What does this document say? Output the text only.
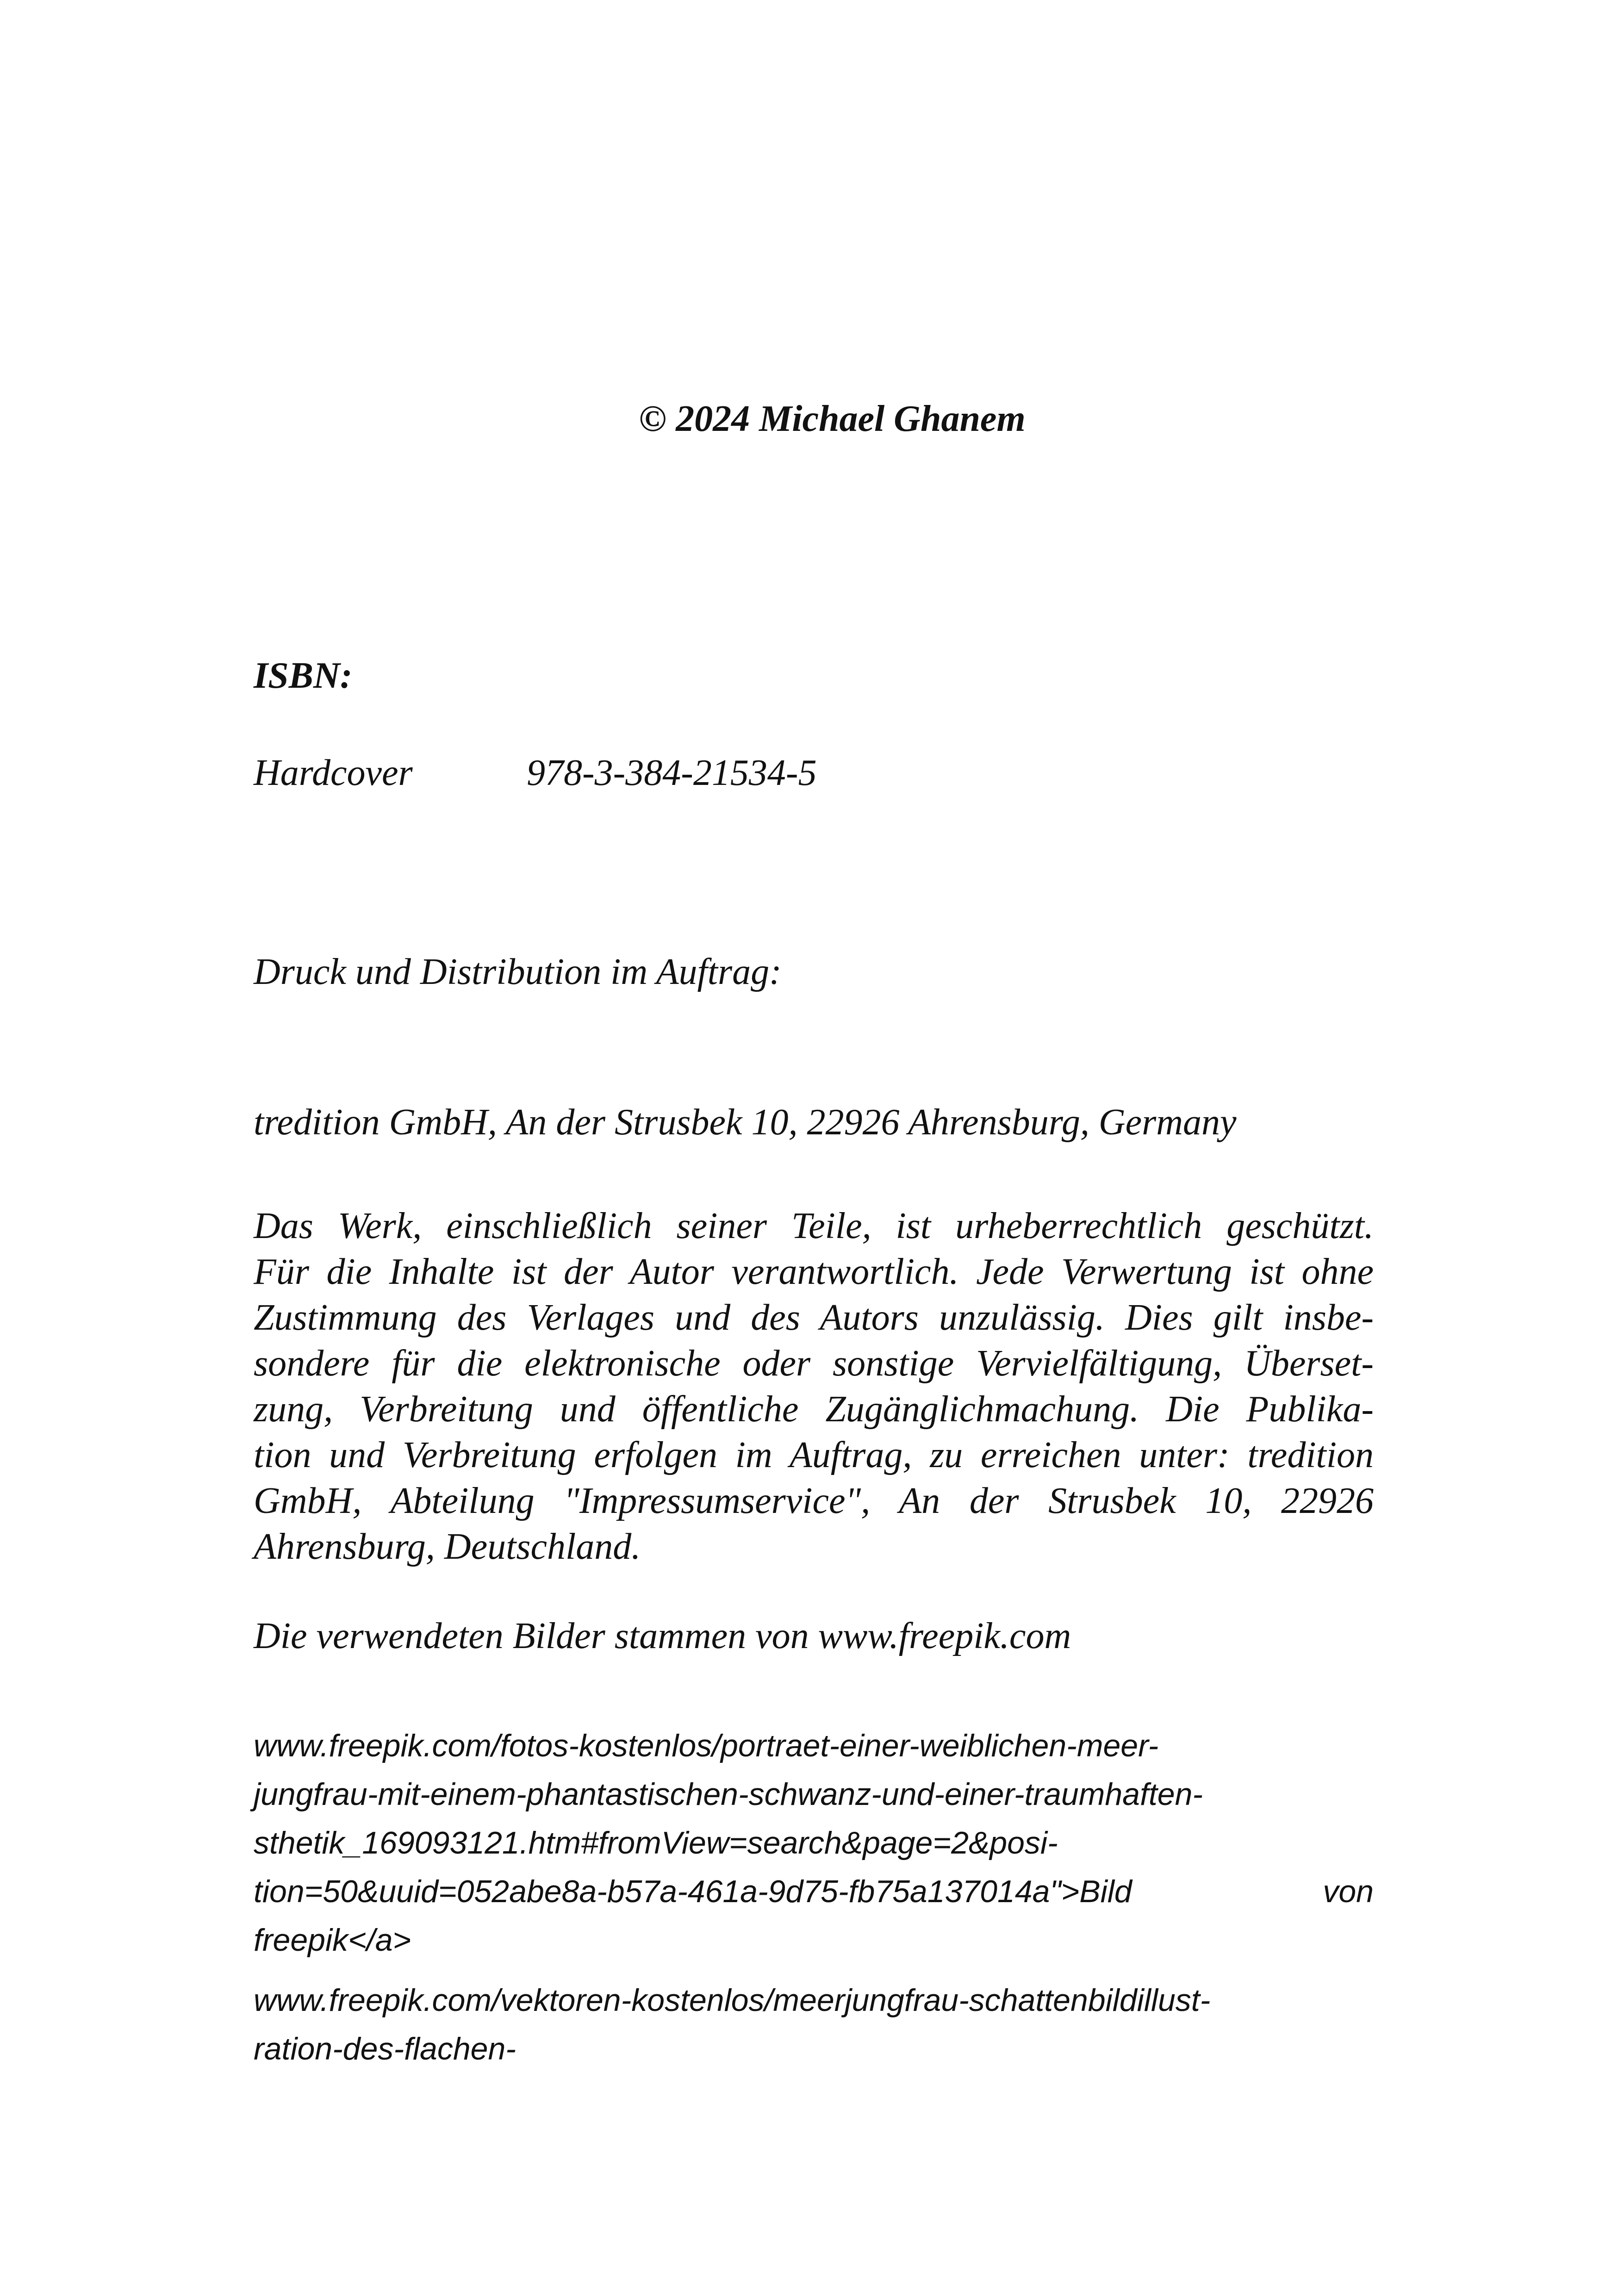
© 2024 Michael Ghanem

ISBN:

Hardcover	978-3-384-21534-5

Druck und Distribution im Auftrag:

tredition GmbH, An der Strusbek 10, 22926 Ahrensburg, Germany

Das Werk, einschließlich seiner Teile, ist urheberrechtlich geschützt.
Für die Inhalte ist der Autor verantwortlich. Jede Verwertung ist ohne
Zustimmung des Verlages und des Autors unzulässig. Dies gilt insbe-
sondere für die elektronische oder sonstige Vervielfältigung, Überset-
zung, Verbreitung und öffentliche Zugänglichmachung. Die Publika-
tion und Verbreitung erfolgen im Auftrag, zu erreichen unter: tredition
GmbH, Abteilung "Impressumservice", An der Strusbek 10, 22926
Ahrensburg, Deutschland.

Die verwendeten Bilder stammen von www.freepik.com

www.freepik.com/fotos-kostenlos/portraet-einer-weiblichen-meer-
jungfrau-mit-einem-phantastischen-schwanz-und-einer-traumhaften-
sthetik_169093121.htm#fromView=search&page=2&posi-
tion=50&uuid=052abe8a-b57a-461a-9d75-fb75a137014a">Bild	von
freepik</a>
www.freepik.com/vektoren-kostenlos/meerjungfrau-schattenbildillust-
ration-des-flachen-
